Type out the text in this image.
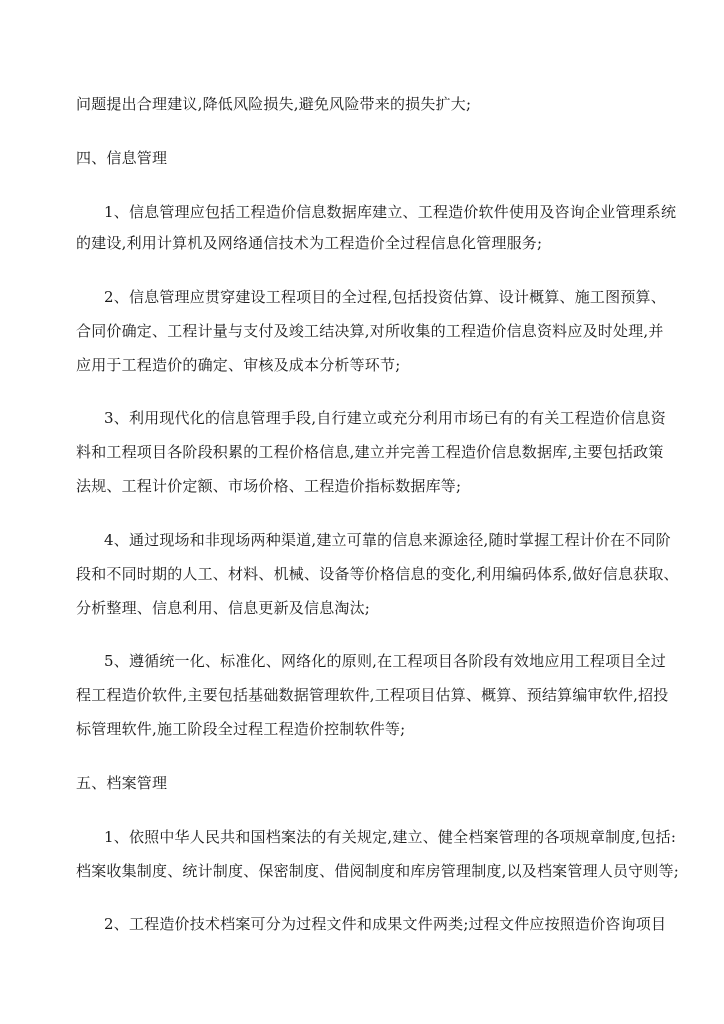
问题提出合理建议,降低风险损失,避免风险带来的损失扩大;
四、信息管理
1、信息管理应包括工程造价信息数据库建立、工程造价软件使用及咨询企业管理系统
的建设,利用计算机及网络通信技术为工程造价全过程信息化管理服务;
2、信息管理应贯穿建设工程项目的全过程,包括投资估算、设计概算、施工图预算、
合同价确定、工程计量与支付及竣工结决算,对所收集的工程造价信息资料应及时处理,并
应用于工程造价的确定、审核及成本分析等环节;
3、利用现代化的信息管理手段,自行建立或充分利用市场已有的有关工程造价信息资
料和工程项目各阶段积累的工程价格信息,建立并完善工程造价信息数据库,主要包括政策
法规、工程计价定额、市场价格、工程造价指标数据库等;
4、通过现场和非现场两种渠道,建立可靠的信息来源途径,随时掌握工程计价在不同阶
段和不同时期的人工、材料、机械、设备等价格信息的变化,利用编码体系,做好信息获取、
分析整理、信息利用、信息更新及信息淘汰;
5、遵循统一化、标准化、网络化的原则,在工程项目各阶段有效地应用工程项目全过
程工程造价软件,主要包括基础数据管理软件,工程项目估算、概算、预结算编审软件,招投
标管理软件,施工阶段全过程工程造价控制软件等;
五、档案管理
1、依照中华人民共和国档案法的有关规定,建立、健全档案管理的各项规章制度,包括:
档案收集制度、统计制度、保密制度、借阅制度和库房管理制度,以及档案管理人员守则等;
2、工程造价技术档案可分为过程文件和成果文件两类;过程文件应按照造价咨询项目
